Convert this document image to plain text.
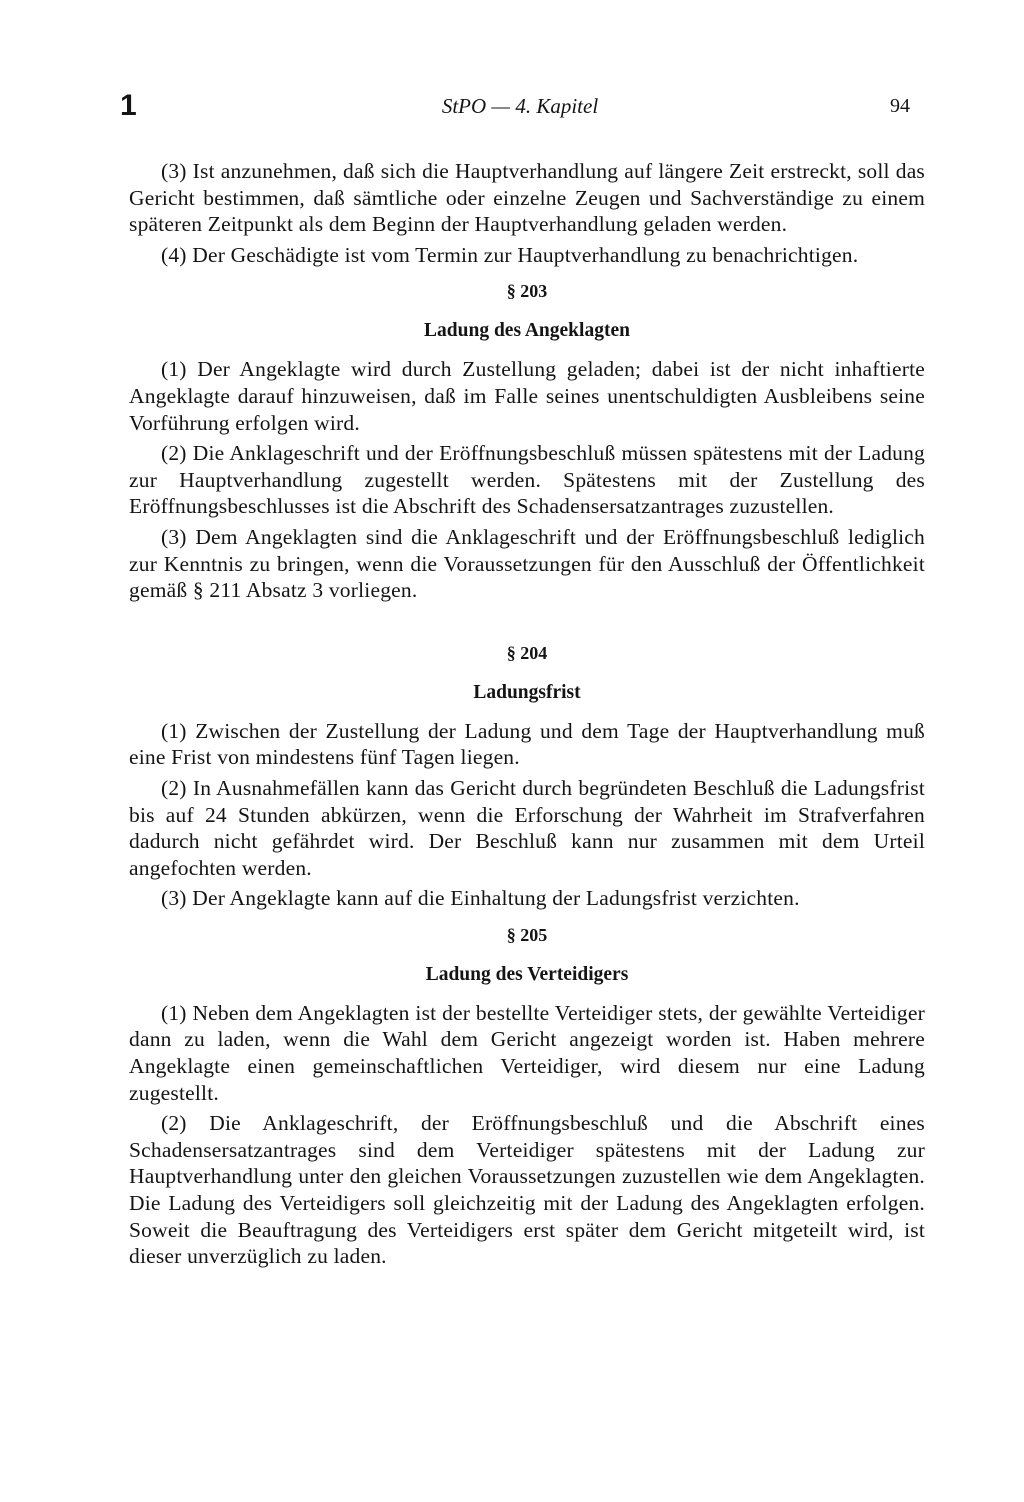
1	StPO — 4. Kapitel	94

(3) Ist anzunehmen, daß sich die Hauptverhandlung auf längere Zeit erstreckt, soll das Gericht bestimmen, daß sämtliche oder einzelne Zeugen und Sachverständige zu einem späteren Zeitpunkt als dem Beginn der Hauptverhandlung geladen werden.

(4) Der Geschädigte ist vom Termin zur Hauptverhandlung zu benachrichtigen.

§ 203
Ladung des Angeklagten

(1) Der Angeklagte wird durch Zustellung geladen; dabei ist der nicht inhaftierte Angeklagte darauf hinzuweisen, daß im Falle seines unentschuldigten Ausbleibens seine Vorführung erfolgen wird.

(2) Die Anklageschrift und der Eröffnungsbeschluß müssen spätestens mit der Ladung zur Hauptverhandlung zugestellt werden. Spätestens mit der Zustellung des Eröffnungsbeschlusses ist die Abschrift des Schadensersatzantrages zuzustellen.

(3) Dem Angeklagten sind die Anklageschrift und der Eröffnungsbeschluß lediglich zur Kenntnis zu bringen, wenn die Voraussetzungen für den Ausschluß der Öffentlichkeit gemäß § 211 Absatz 3 vorliegen.

§ 204
Ladungsfrist

(1) Zwischen der Zustellung der Ladung und dem Tage der Hauptverhandlung muß eine Frist von mindestens fünf Tagen liegen.

(2) In Ausnahmefällen kann das Gericht durch begründeten Beschluß die Ladungsfrist bis auf 24 Stunden abkürzen, wenn die Erforschung der Wahrheit im Strafverfahren dadurch nicht gefährdet wird. Der Beschluß kann nur zusammen mit dem Urteil angefochten werden.

(3) Der Angeklagte kann auf die Einhaltung der Ladungsfrist verzichten.

§ 205
Ladung des Verteidigers

(1) Neben dem Angeklagten ist der bestellte Verteidiger stets, der gewählte Verteidiger dann zu laden, wenn die Wahl dem Gericht angezeigt worden ist. Haben mehrere Angeklagte einen gemeinschaftlichen Verteidiger, wird diesem nur eine Ladung zugestellt.

(2) Die Anklageschrift, der Eröffnungsbeschluß und die Abschrift eines Schadensersatzantrages sind dem Verteidiger spätestens mit der Ladung zur Hauptverhandlung unter den gleichen Voraussetzungen zuzustellen wie dem Angeklagten. Die Ladung des Verteidigers soll gleichzeitig mit der Ladung des Angeklagten erfolgen. Soweit die Beauftragung des Verteidigers erst später dem Gericht mitgeteilt wird, ist dieser unverzüglich zu laden.
